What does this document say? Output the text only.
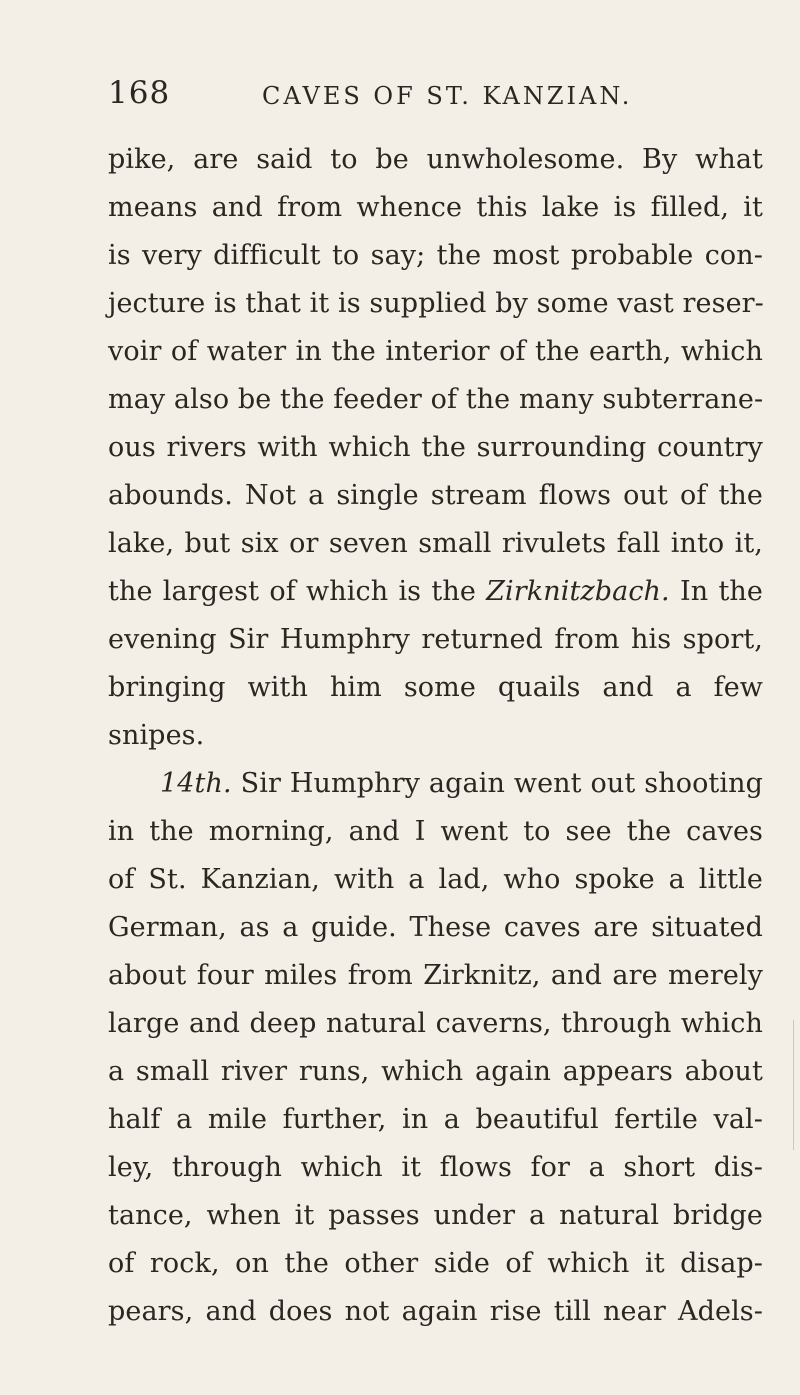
168	CAVES OF ST. KANZIAN.
pike, are said to be unwholesome. By what
means and from whence this lake is filled, it
is very difficult to say; the most probable con-
jecture is that it is supplied by some vast reser-
voir of water in the interior of the earth, which
may also be the feeder of the many subterrane-
ous rivers with which the surrounding country
abounds. Not a single stream flows out of the
lake, but six or seven small rivulets fall into it,
the largest of which is the Zirknitzbach. In the
evening Sir Humphry returned from his sport,
bringing with him some quails and a few
snipes.
14th. Sir Humphry again went out shooting
in the morning, and I went to see the caves
of St. Kanzian, with a lad, who spoke a little
German, as a guide. These caves are situated
about four miles from Zirknitz, and are merely
large and deep natural caverns, through which
a small river runs, which again appears about
half a mile further, in a beautiful fertile val-
ley, through which it flows for a short dis-
tance, when it passes under a natural bridge
of rock, on the other side of which it disap-
pears, and does not again rise till near Adels-
